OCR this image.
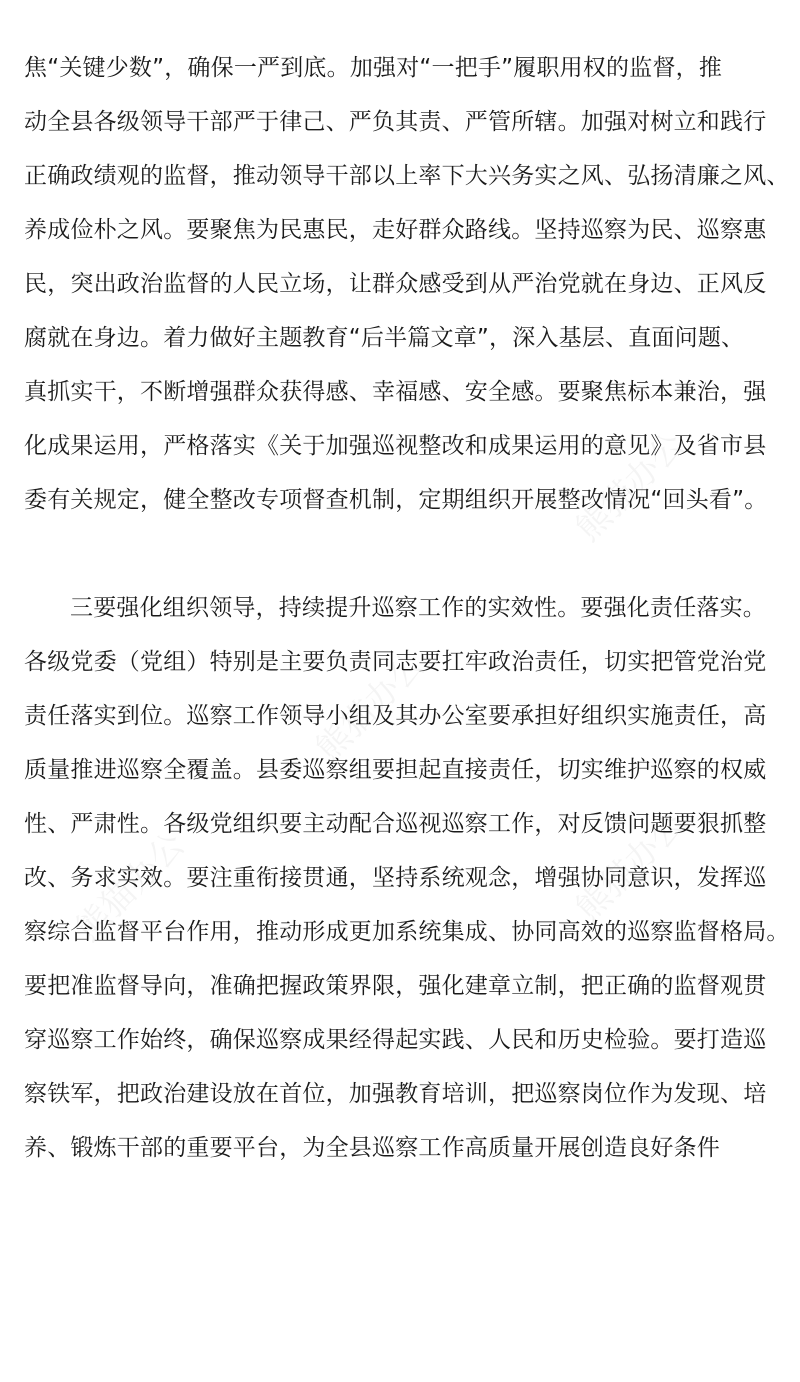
焦“关键少数”，确保一严到底。加强对“一把手”履职用权的监督，推
动全县各级领导干部严于律己、严负其责、严管所辖。加强对树立和践行
正确政绩观的监督，推动领导干部以上率下大兴务实之风、弘扬清廉之风、
养成俭朴之风。要聚焦为民惠民，走好群众路线。坚持巡察为民、巡察惠
民，突出政治监督的人民立场，让群众感受到从严治党就在身边、正风反
腐就在身边。着力做好主题教育“后半篇文章”，深入基层、直面问题、
真抓实干，不断增强群众获得感、幸福感、安全感。要聚焦标本兼治，强
化成果运用，严格落实《关于加强巡视整改和成果运用的意见》及省市县
委有关规定，健全整改专项督查机制，定期组织开展整改情况“回头看”。
三要强化组织领导，持续提升巡察工作的实效性。要强化责任落实。
各级党委（党组）特别是主要负责同志要扛牢政治责任，切实把管党治党
责任落实到位。巡察工作领导小组及其办公室要承担好组织实施责任，高
质量推进巡察全覆盖。县委巡察组要担起直接责任，切实维护巡察的权威
性、严肃性。各级党组织要主动配合巡视巡察工作，对反馈问题要狠抓整
改、务求实效。要注重衔接贯通，坚持系统观念，增强协同意识，发挥巡
察综合监督平台作用，推动形成更加系统集成、协同高效的巡察监督格局。
要把准监督导向，准确把握政策界限，强化建章立制，把正确的监督观贯
穿巡察工作始终，确保巡察成果经得起实践、人民和历史检验。要打造巡
察铁军，把政治建设放在首位，加强教育培训，把巡察岗位作为发现、培
养、锻炼干部的重要平台，为全县巡察工作高质量开展创造良好条件
